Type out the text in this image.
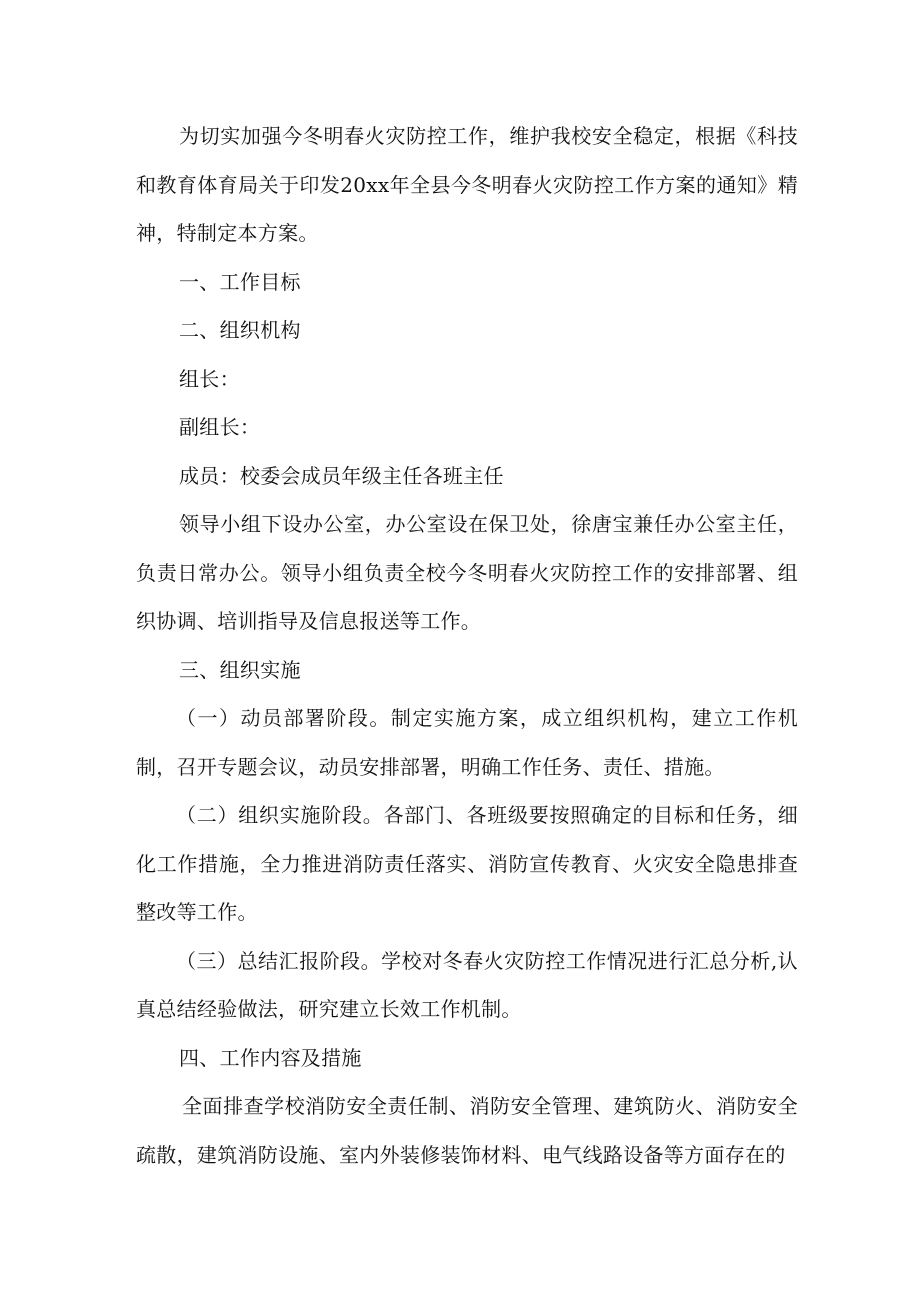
为切实加强今冬明春火灾防控工作，维护我校安全稳定，根据《科技和教育体育局关于印发20xx年全县今冬明春火灾防控工作方案的通知》精神，特制定本方案。

一、工作目标

二、组织机构

组长：

副组长：

成员：校委会成员年级主任各班主任

领导小组下设办公室，办公室设在保卫处，徐唐宝兼任办公室主任，负责日常办公。领导小组负责全校今冬明春火灾防控工作的安排部署、组织协调、培训指导及信息报送等工作。

三、组织实施

（一）动员部署阶段。制定实施方案，成立组织机构，建立工作机制，召开专题会议，动员安排部署，明确工作任务、责任、措施。

（二）组织实施阶段。各部门、各班级要按照确定的目标和任务，细化工作措施，全力推进消防责任落实、消防宣传教育、火灾安全隐患排查整改等工作。

（三）总结汇报阶段。学校对冬春火灾防控工作情况进行汇总分析,认真总结经验做法，研究建立长效工作机制。

四、工作内容及措施

全面排查学校消防安全责任制、消防安全管理、建筑防火、消防安全疏散，建筑消防设施、室内外装修装饰材料、电气线路设备等方面存在的
